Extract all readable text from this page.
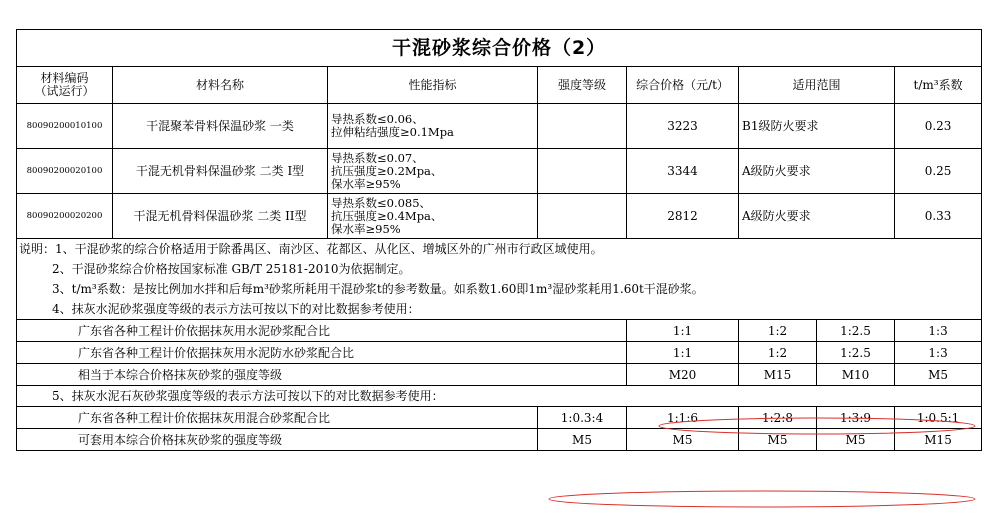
干混砂浆综合价格（2）							
材料编码
（试运行）	材料名称	性能指标	强度等级	综合价格（元/t）	适用范围		t/m³系数
80090200010100	干混聚苯骨料保温砂浆 一类	导热系数≤0.06、
拉伸粘结强度≥0.1Mpa		3223	B1级防火要求		0.23
80090200020100	干混无机骨料保温砂浆 二类 I型	导热系数≤0.07、
抗压强度≥0.2Mpa、
保水率≥95%		3344	A级防火要求		0.25
80090200020200	干混无机骨料保温砂浆 二类 II型	导热系数≤0.085、
抗压强度≥0.4Mpa、
保水率≥95%		2812	A级防火要求		0.33
说明：1、干混砂浆的综合价格适用于除番禺区、南沙区、花都区、从化区、增城区外的广州市行政区域使用。							
2、干混砂浆综合价格按国家标准 GB/T 25181-2010为依据制定。							
3、t/m³系数：是按比例加水拌和后每m³砂浆所耗用干混砂浆t的参考数量。如系数1.60即1m³湿砂浆耗用1.60t干混砂浆。							
4、抹灰水泥砂浆强度等级的表示方法可按以下的对比数据参考使用：							
广东省各种工程计价依据抹灰用水泥砂浆配合比				1:1	1:2	1:2.5	1:3
广东省各种工程计价依据抹灰用水泥防水砂浆配合比				1:1	1:2	1:2.5	1:3
相当于本综合价格抹灰砂浆的强度等级				M20	M15	M10	M5
5、抹灰水泥石灰砂浆强度等级的表示方法可按以下的对比数据参考使用：							
广东省各种工程计价依据抹灰用混合砂浆配合比			1:0.3:4	1:1:6	1:2:8	1:3:9	1:0.5:1
可套用本综合价格抹灰砂浆的强度等级			M5	M5	M5	M5	M15
